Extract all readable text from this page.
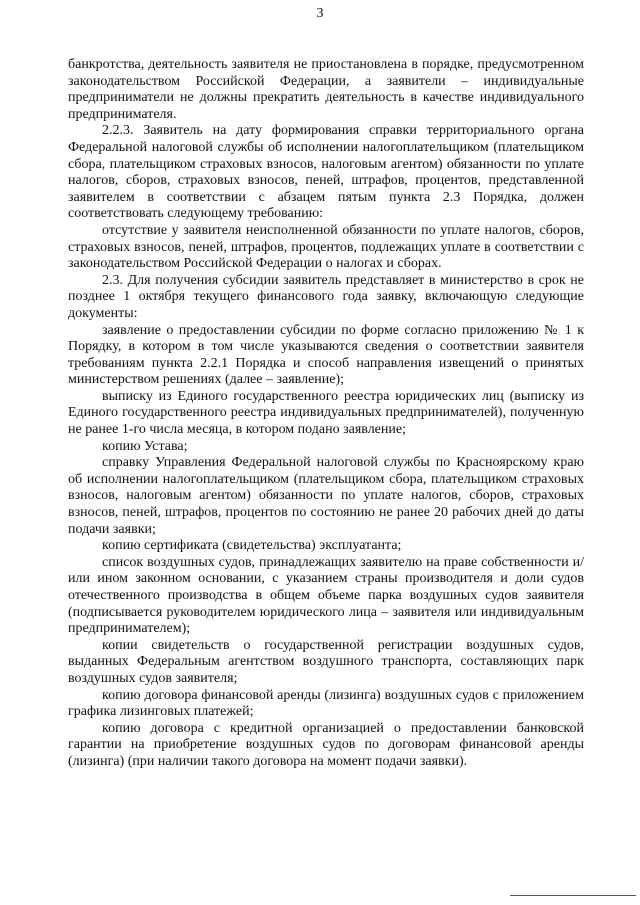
3

банкротства, деятельность заявителя не приостановлена в порядке, предусмотренном законодательством Российской Федерации, а заявители – индивидуальные предприниматели не должны прекратить деятельность в качестве индивидуального предпринимателя.

2.2.3. Заявитель на дату формирования справки территориального органа Федеральной налоговой службы об исполнении налогоплательщиком (плательщиком сбора, плательщиком страховых взносов, налоговым агентом) обязанности по уплате налогов, сборов, страховых взносов, пеней, штрафов, процентов, представленной заявителем в соответствии с абзацем пятым пункта 2.3 Порядка, должен соответствовать следующему требованию:

отсутствие у заявителя неисполненной обязанности по уплате налогов, сборов, страховых взносов, пеней, штрафов, процентов, подлежащих уплате в соответствии с законодательством Российской Федерации о налогах и сборах.

2.3. Для получения субсидии заявитель представляет в министерство в срок не позднее 1 октября текущего финансового года заявку, включающую следующие документы:

заявление о предоставлении субсидии по форме согласно приложению № 1 к Порядку, в котором в том числе указываются сведения о соответствии заявителя требованиям пункта 2.2.1 Порядка и способ направления извещений о принятых министерством решениях (далее – заявление);

выписку из Единого государственного реестра юридических лиц (выписку из Единого государственного реестра индивидуальных предпринимателей), полученную не ранее 1-го числа месяца, в котором подано заявление;

копию Устава;

справку Управления Федеральной налоговой службы по Красноярскому краю об исполнении налогоплательщиком (плательщиком сбора, плательщиком страховых взносов, налоговым агентом) обязанности по уплате налогов, сборов, страховых взносов, пеней, штрафов, процентов по состоянию не ранее 20 рабочих дней до даты подачи заявки;

копию сертификата (свидетельства) эксплуатанта;

список воздушных судов, принадлежащих заявителю на праве собственности и/или ином законном основании, с указанием страны производителя и доли судов отечественного производства в общем объеме парка воздушных судов заявителя (подписывается руководителем юридического лица – заявителя или индивидуальным предпринимателем);

копии свидетельств о государственной регистрации воздушных судов, выданных Федеральным агентством воздушного транспорта, составляющих парк воздушных судов заявителя;

копию договора финансовой аренды (лизинга) воздушных судов с приложением графика лизинговых платежей;

копию договора с кредитной организацией о предоставлении банковской гарантии на приобретение воздушных судов по договорам финансовой аренды (лизинга) (при наличии такого договора на момент подачи заявки).
